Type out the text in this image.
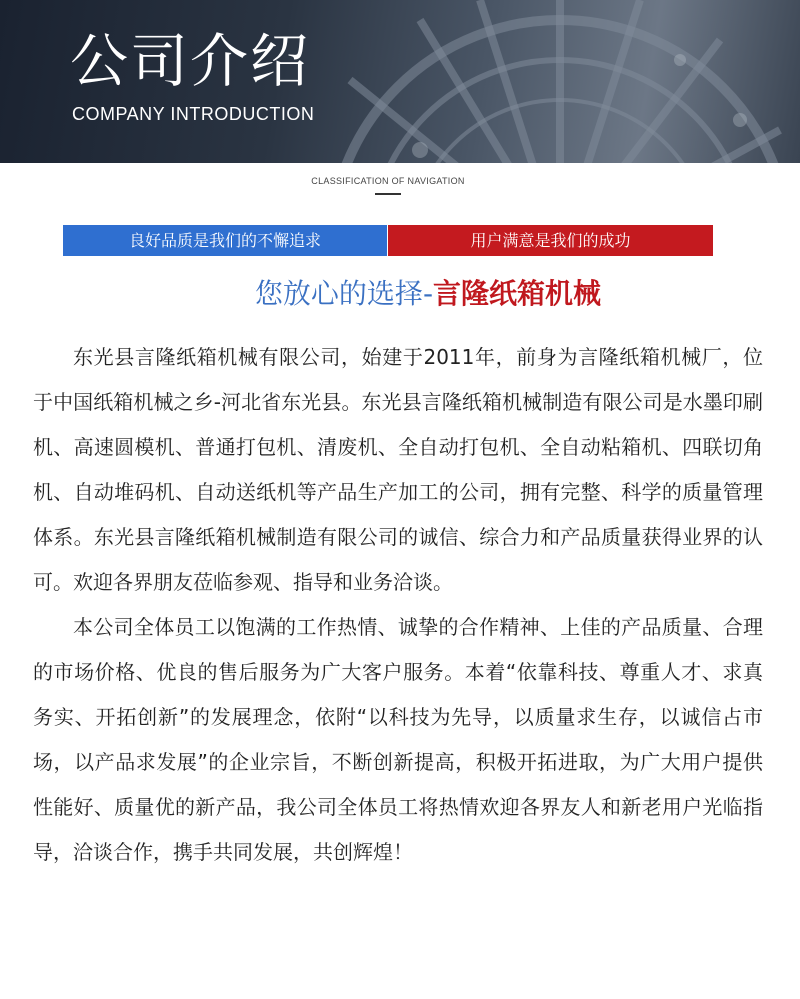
公司介绍
COMPANY INTRODUCTION
CLASSIFICATION OF NAVIGATION
良好品质是我们的不懈追求	用户满意是我们的成功
您放心的选择-言隆纸箱机械

东光县言隆纸箱机械有限公司，始建于2011年，前身为言隆纸箱机械厂，位于中国纸箱机械之乡-河北省东光县。东光县言隆纸箱机械制造有限公司是水墨印刷机、高速圆模机、普通打包机、清废机、全自动打包机、全自动粘箱机、四联切角机、自动堆码机、自动送纸机等产品生产加工的公司，拥有完整、科学的质量管理体系。东光县言隆纸箱机械制造有限公司的诚信、综合力和产品质量获得业界的认可。欢迎各界朋友莅临参观、指导和业务洽谈。

本公司全体员工以饱满的工作热情、诚挚的合作精神、上佳的产品质量、合理的市场价格、优良的售后服务为广大客户服务。本着“依靠科技、尊重人才、求真务实、开拓创新”的发展理念，依附“以科技为先导，以质量求生存，以诚信占市场，以产品求发展”的企业宗旨，不断创新提高，积极开拓进取，为广大用户提供性能好、质量优的新产品，我公司全体员工将热情欢迎各界友人和新老用户光临指导，洽谈合作，携手共同发展，共创辉煌！
